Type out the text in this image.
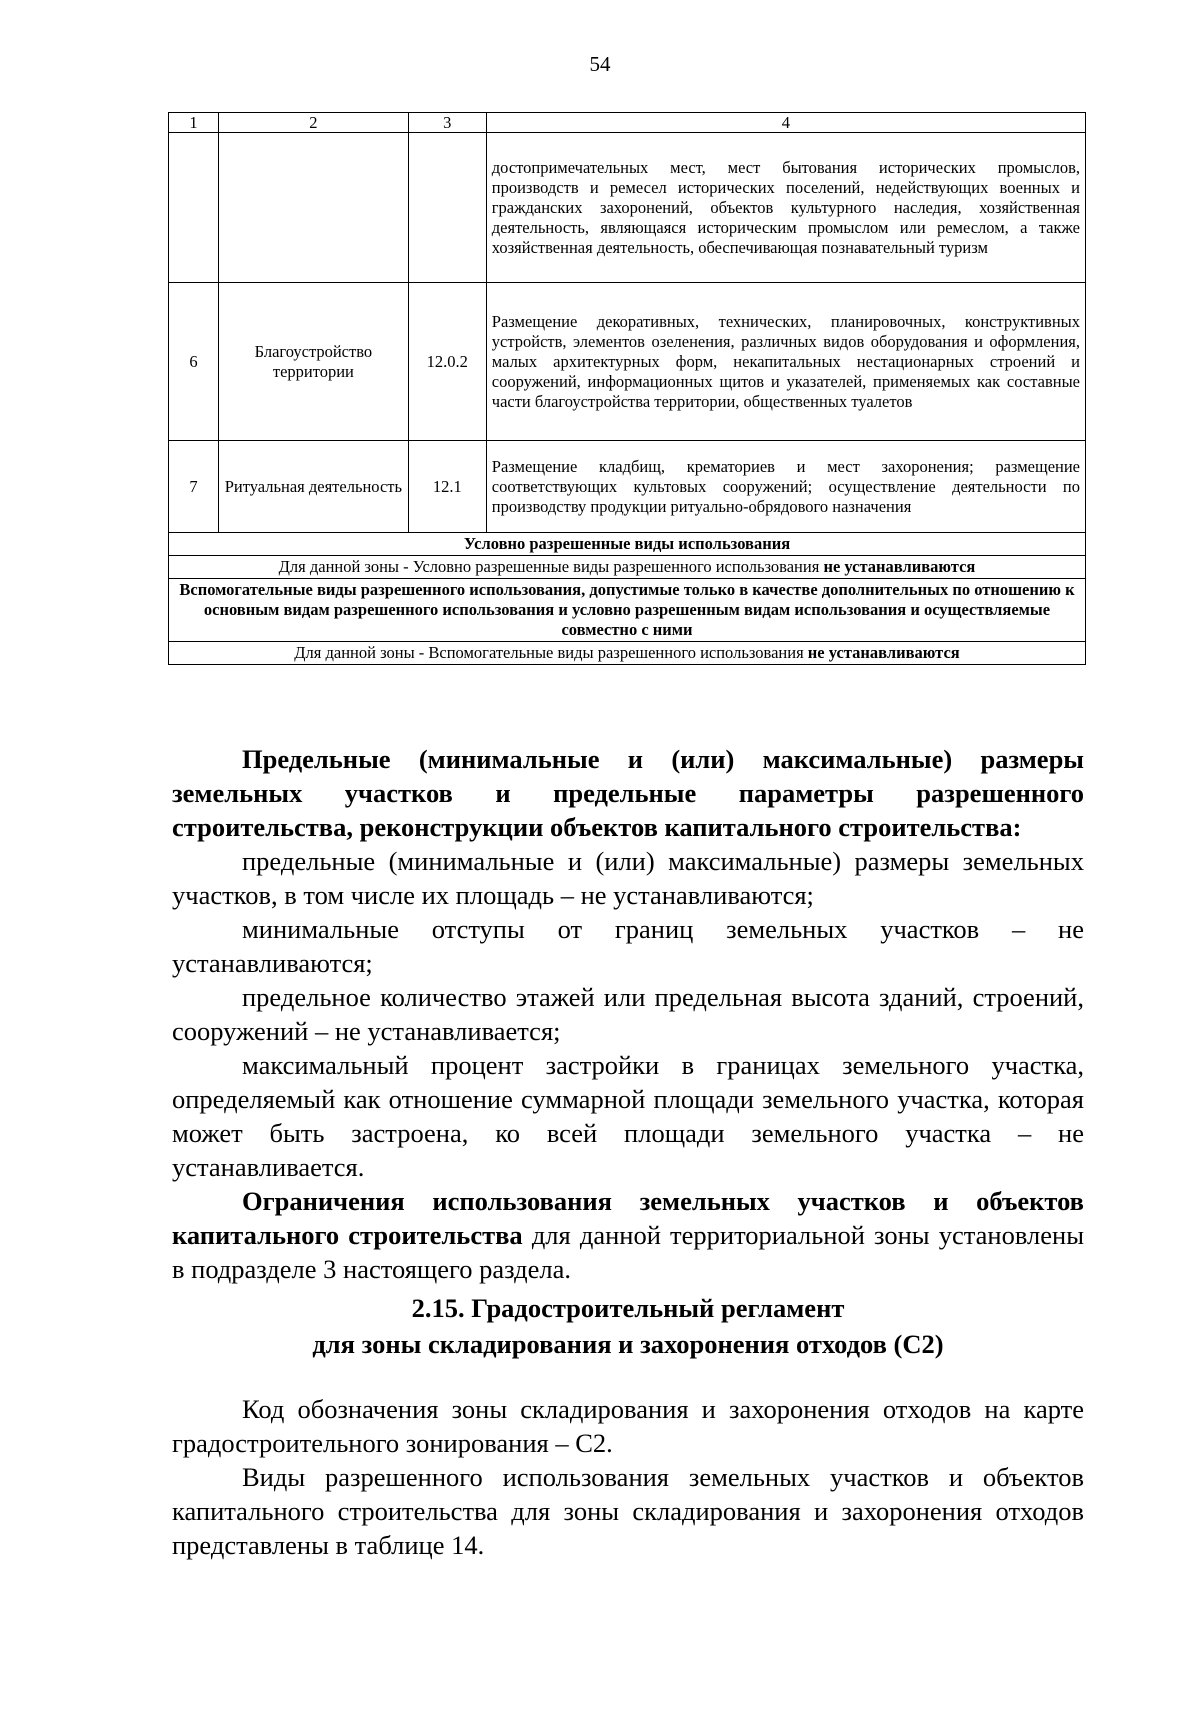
54
1	2	3	4
			достопримечательных мест, мест бытования исторических промыслов, производств и ремесел исторических поселений, недействующих военных и гражданских захоронений, объектов культурного наследия, хозяйственная деятельность, являющаяся историческим промыслом или ремеслом, а также хозяйственная деятельность, обеспечивающая познавательный туризм
6	Благоустройство территории	12.0.2	Размещение декоративных, технических, планировочных, конструктивных устройств, элементов озеленения, различных видов оборудования и оформления, малых архитектурных форм, некапитальных нестационарных строений и сооружений, информационных щитов и указателей, применяемых как составные части благоустройства территории, общественных туалетов
7	Ритуальная деятельность	12.1	Размещение кладбищ, крематориев и мест захоронения; размещение соответствующих культовых сооружений; осуществление деятельности по производству продукции ритуально-обрядового назначения
Условно разрешенные виды использования			
Для данной зоны - Условно разрешенные виды разрешенного использования не устанавливаются			
Вспомогательные виды разрешенного использования, допустимые только в качестве дополнительных по отношению к основным видам разрешенного использования и условно разрешенным видам использования и осуществляемые совместно с ними			
Для данной зоны - Вспомогательные виды разрешенного использования не устанавливаются			

Предельные (минимальные и (или) максимальные) размеры земельных участков и предельные параметры разрешенного строительства, реконструкции объектов капитального строительства:

предельные (минимальные и (или) максимальные) размеры земельных участков, в том числе их площадь – не устанавливаются;

минимальные отступы от границ земельных участков – не устанавливаются;

предельное количество этажей или предельная высота зданий, строений, сооружений – не устанавливается;

максимальный процент застройки в границах земельного участка, определяемый как отношение суммарной площади земельного участка, которая может быть застроена, ко всей площади земельного участка – не устанавливается.

Ограничения использования земельных участков и объектов капитального строительства для данной территориальной зоны установлены в подразделе 3 настоящего раздела.

2.15. Градостроительный регламент
для зоны складирования и захоронения отходов (С2)

Код обозначения зоны складирования и захоронения отходов на карте градостроительного зонирования – С2.

Виды разрешенного использования земельных участков и объектов капитального строительства для зоны складирования и захоронения отходов представлены в таблице 14.
